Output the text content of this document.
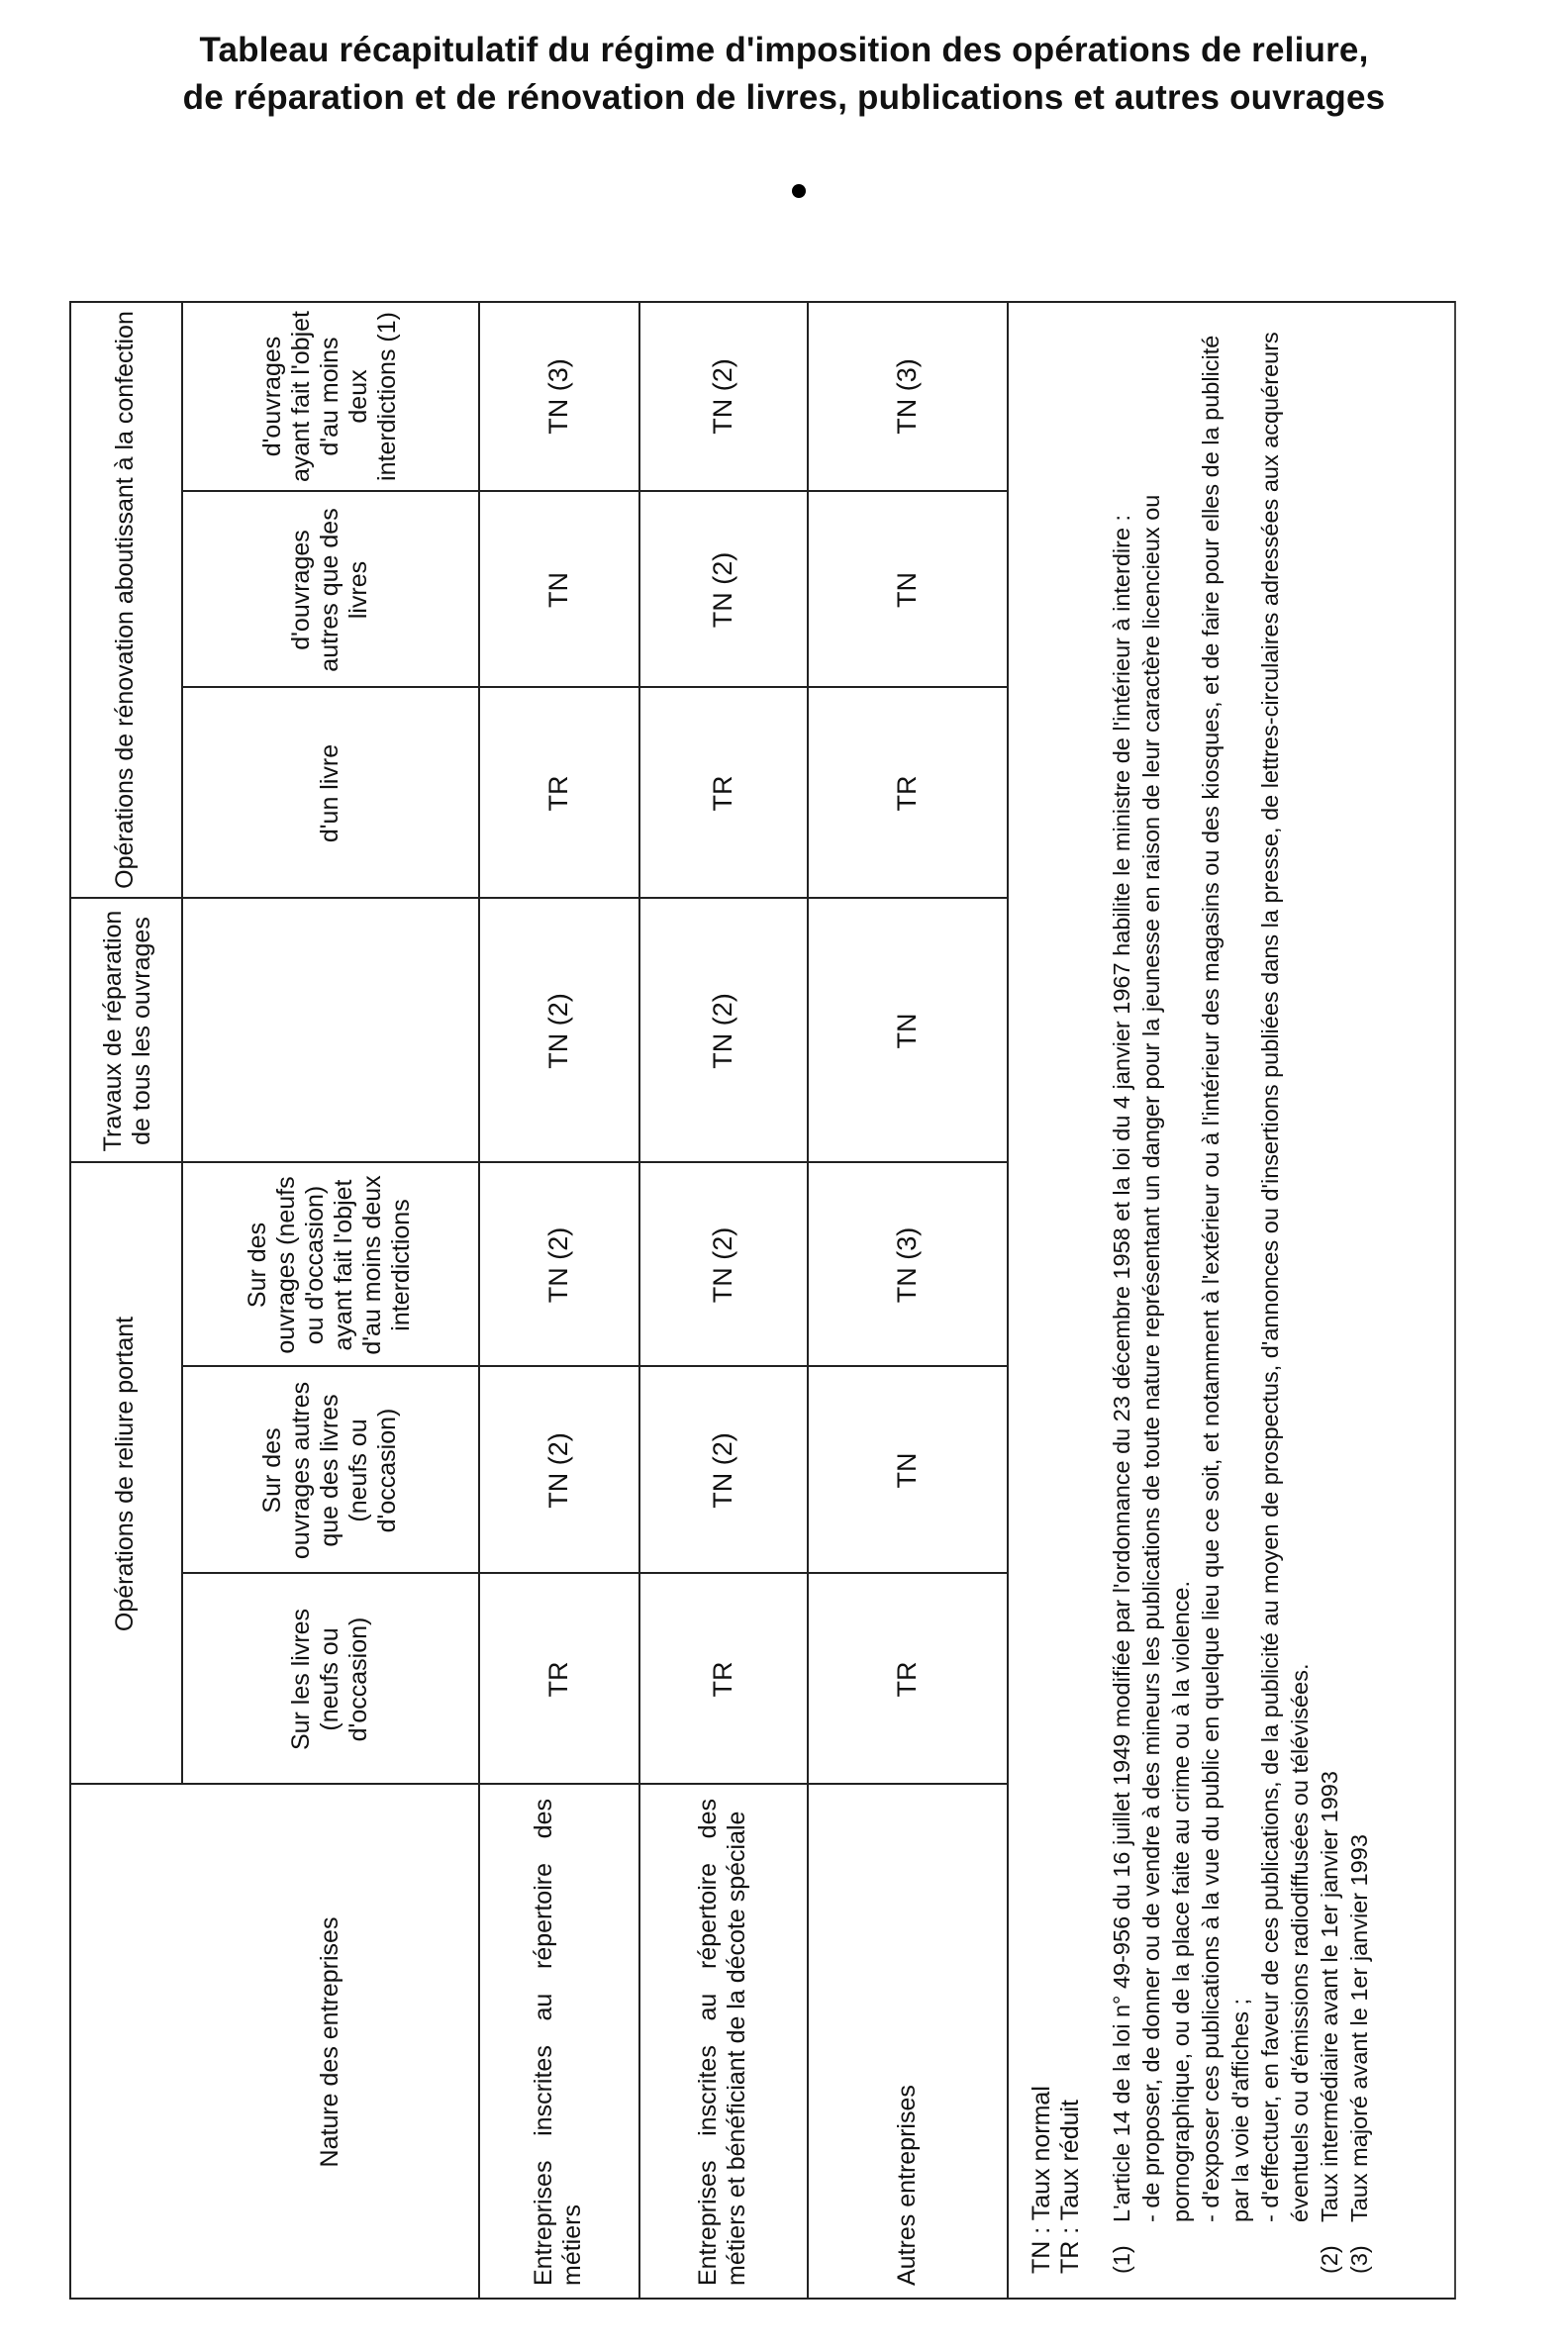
Tableau récapitulatif du régime d'imposition des opérations de reliure,
de réparation et de rénovation de livres, publications et autres ouvrages
Nature des entreprises
Opérations de reliure portant
Travaux de réparation de tous les ouvrages
Opérations de rénovation aboutissant à la confection
Sur les livres (neufs ou d'occasion)
Sur des ouvrages autres que des livres (neufs ou d'occasion)
Sur des ouvrages (neufs ou d'occasion) ayant fait l'objet d'au moins deux interdictions
d'un livre
d'ouvrages autres que des livres
d'ouvrages ayant fait l'objet d'au moins deux interdictions (1)
Entreprises inscrites au répertoire des métiers
TR
TN (2)
TN (2)
TN (2)
TR
TN
TN (3)
Entreprises inscrites au répertoire des métiers et bénéficiant de la décote spéciale
TR
TN (2)
TN (2)
TN (2)
TR
TN (2)
TN (2)
Autres entreprises
TR
TN
TN (3)
TN
TR
TN
TN (3)
TN : Taux normal TR : Taux réduit (1)
L'article 14 de la loi n° 49-956 du 16 juillet 1949 modifiée par l'ordonnance du 23 décembre 1958 et la loi du 4 janvier 1967 habilite le ministre de l'intérieur à interdire : - de proposer, de donner ou de vendre à des mineurs les publications de toute nature représentant un danger pour la jeunesse en raison de leur caractère licencieux ou pornographique, ou de la place faite au crime ou à la violence. - d'exposer ces publications à la vue du public en quelque lieu que ce soit, et notamment à l'extérieur ou à l'intérieur des magasins ou des kiosques, et de faire pour elles de la publicité par la voie d'affiches ; - d'effectuer, en faveur de ces publications, de la publicité au moyen de prospectus, d'annonces ou d'insertions publiées dans la presse, de lettres-circulaires adressées aux acquéreurs éventuels ou d'émissions radiodiffusées ou télévisées.
(2)
Taux intermédiaire avant le 1er janvier 1993
(3)
Taux majoré avant le 1er janvier 1993
